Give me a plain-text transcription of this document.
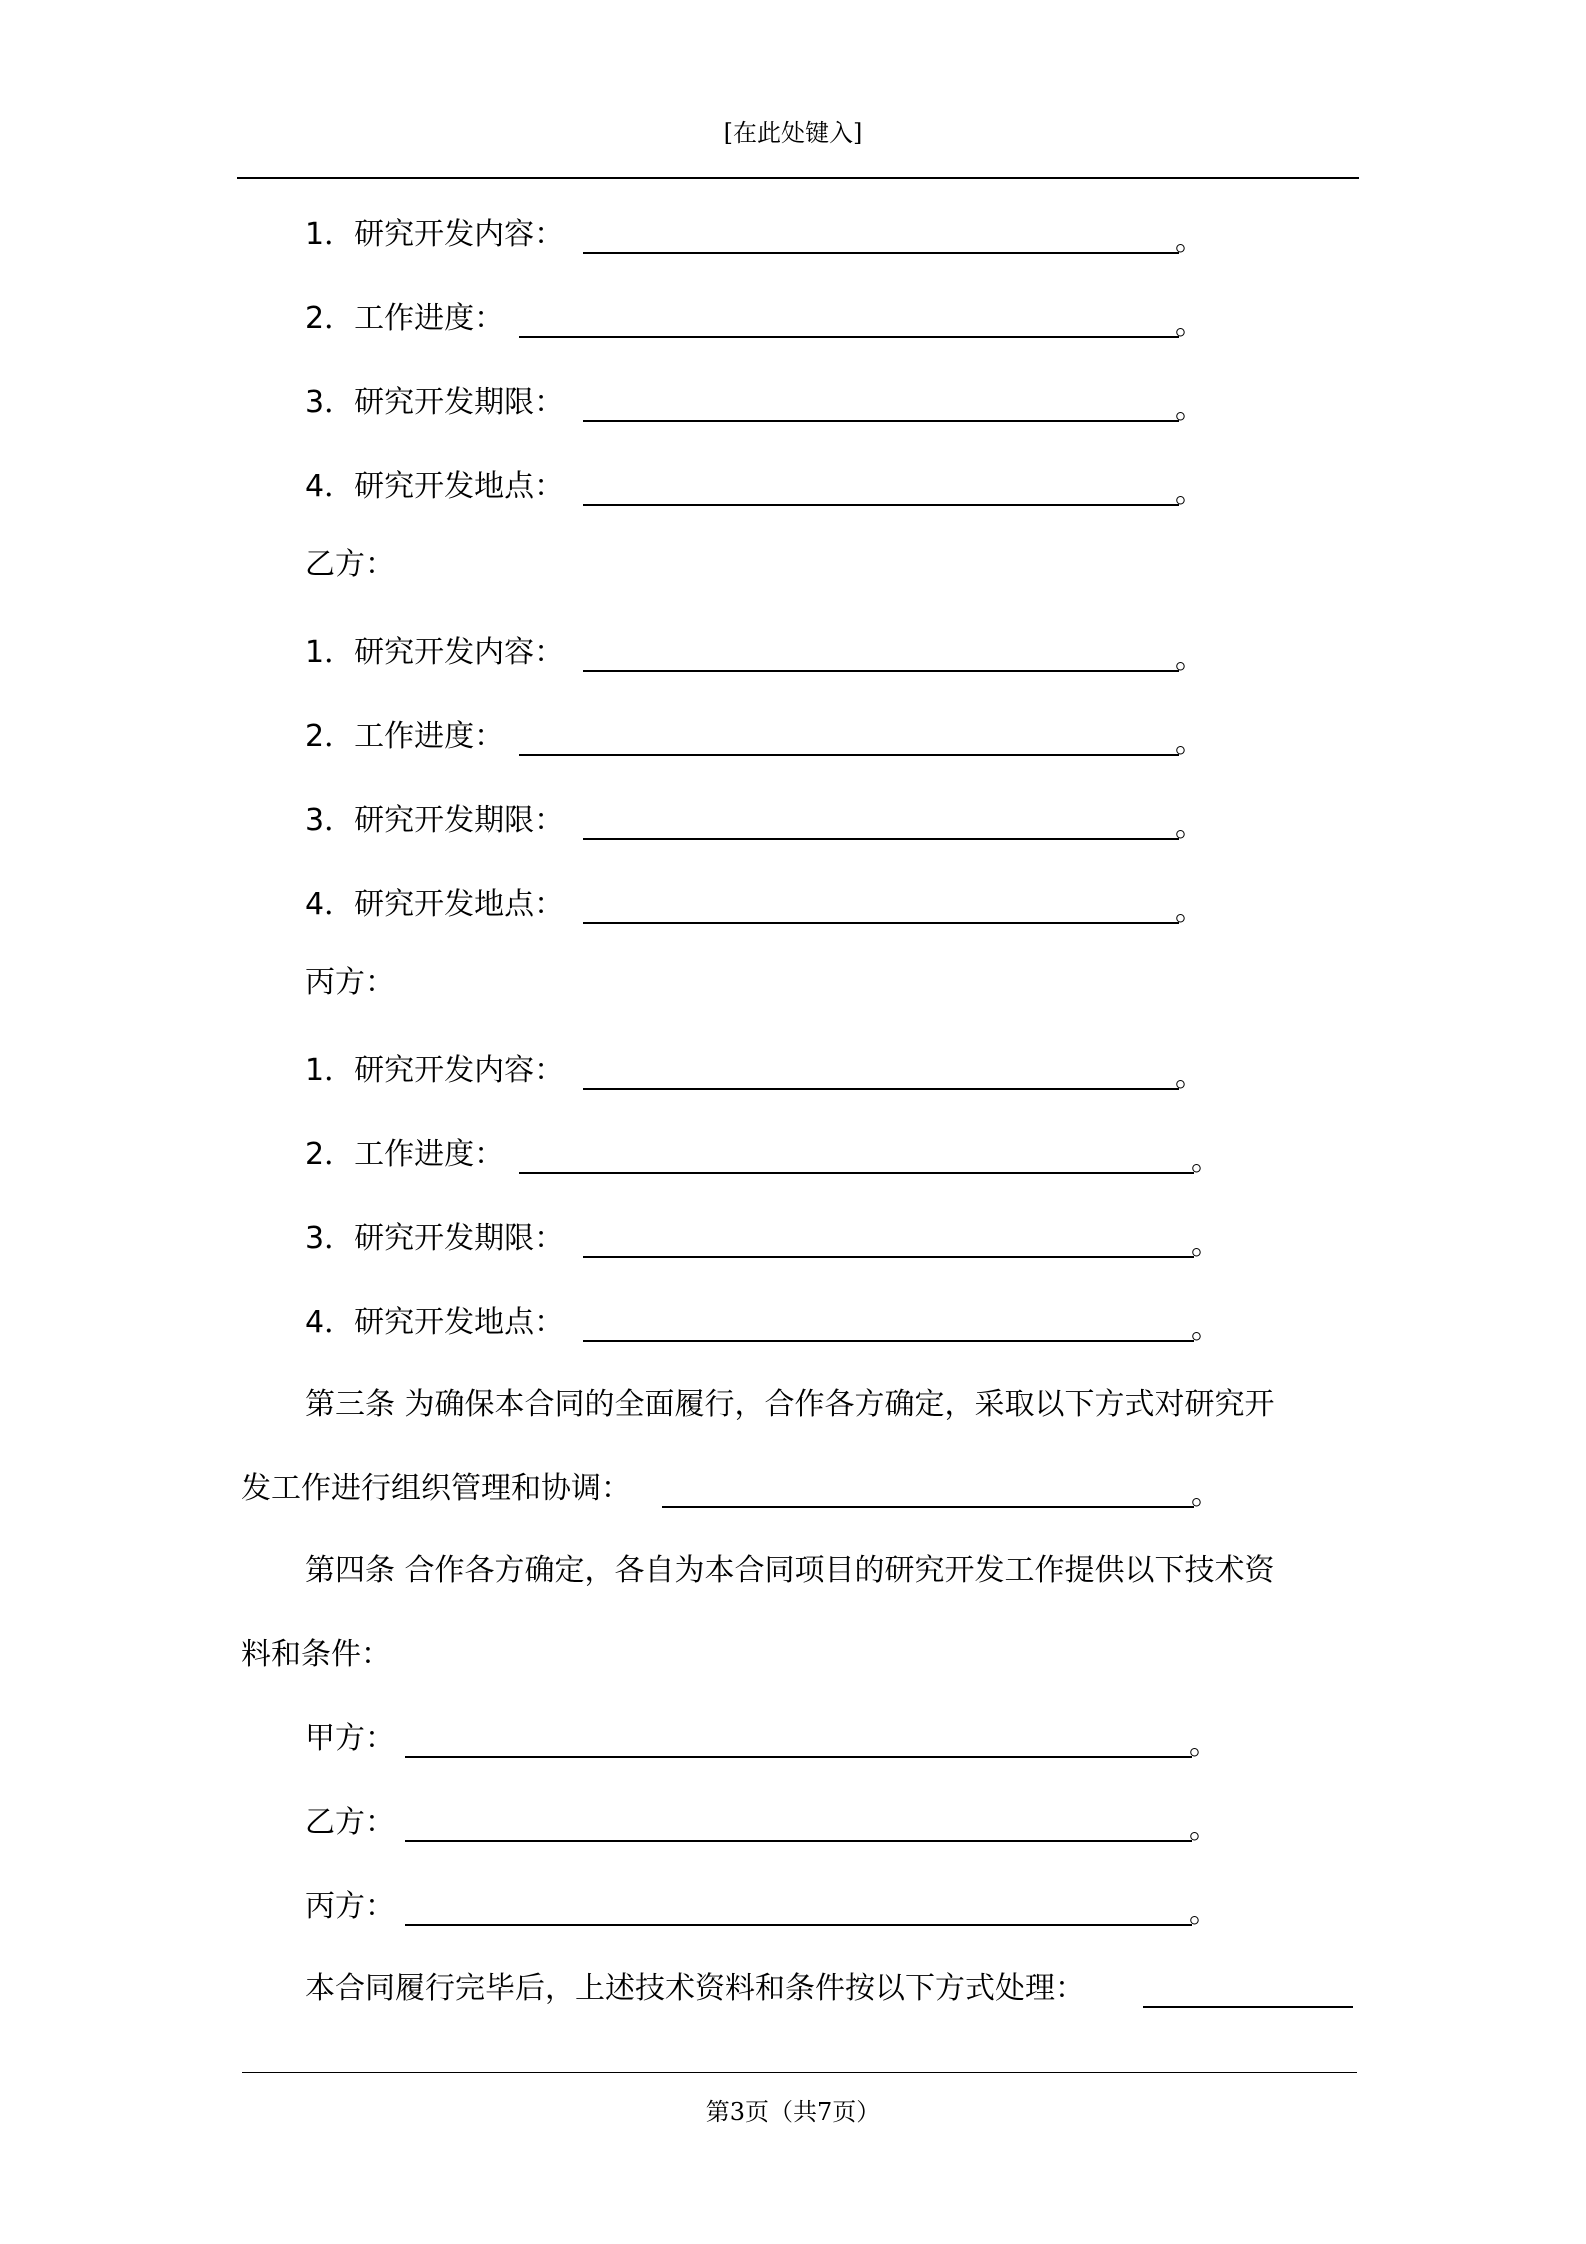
[在此处键入]
1．研究开发内容：	。
2．工作进度：	。
3．研究开发期限：	。
4．研究开发地点：	。
乙方：
1．研究开发内容：	。
2．工作进度：	。
3．研究开发期限：	。
4．研究开发地点：	。
丙方：
1．研究开发内容：	。
2．工作进度：	。
3．研究开发期限：	。
4．研究开发地点：	。
第三条 为确保本合同的全面履行，合作各方确定，采取以下方式对研究开
发工作进行组织管理和协调：	。
第四条 合作各方确定，各自为本合同项目的研究开发工作提供以下技术资
料和条件：
甲方：	。
乙方：	。
丙方：	。
本合同履行完毕后，上述技术资料和条件按以下方式处理：
第3页（共7页）
